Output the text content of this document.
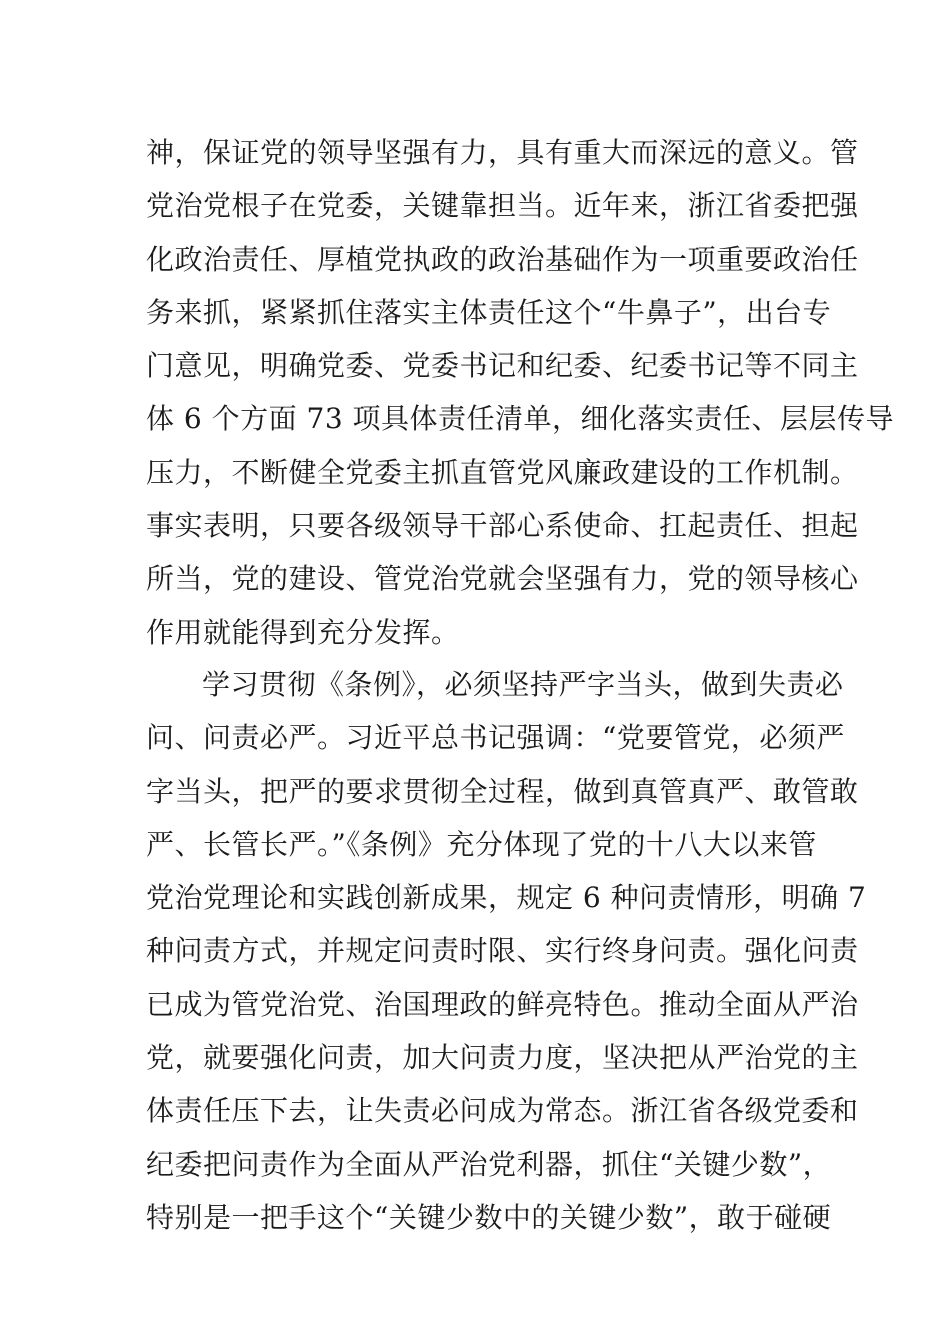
神，保证党的领导坚强有力，具有重大而深远的意义。管
党治党根子在党委，关键靠担当。近年来，浙江省委把强
化政治责任、厚植党执政的政治基础作为一项重要政治任
务来抓，紧紧抓住落实主体责任这个“牛鼻子”，出台专
门意见，明确党委、党委书记和纪委、纪委书记等不同主
体 6 个方面 73 项具体责任清单，细化落实责任、层层传导
压力，不断健全党委主抓直管党风廉政建设的工作机制。
事实表明，只要各级领导干部心系使命、扛起责任、担起
所当，党的建设、管党治党就会坚强有力，党的领导核心
作用就能得到充分发挥。
学习贯彻《条例》，必须坚持严字当头，做到失责必
问、问责必严。习近平总书记强调：“党要管党，必须严
字当头，把严的要求贯彻全过程，做到真管真严、敢管敢
严、长管长严。”《条例》充分体现了党的十八大以来管
党治党理论和实践创新成果，规定 6 种问责情形，明确 7
种问责方式，并规定问责时限、实行终身问责。强化问责
已成为管党治党、治国理政的鲜亮特色。推动全面从严治
党，就要强化问责，加大问责力度，坚决把从严治党的主
体责任压下去，让失责必问成为常态。浙江省各级党委和
纪委把问责作为全面从严治党利器，抓住“关键少数”，
特别是一把手这个“关键少数中的关键少数”，敢于碰硬
